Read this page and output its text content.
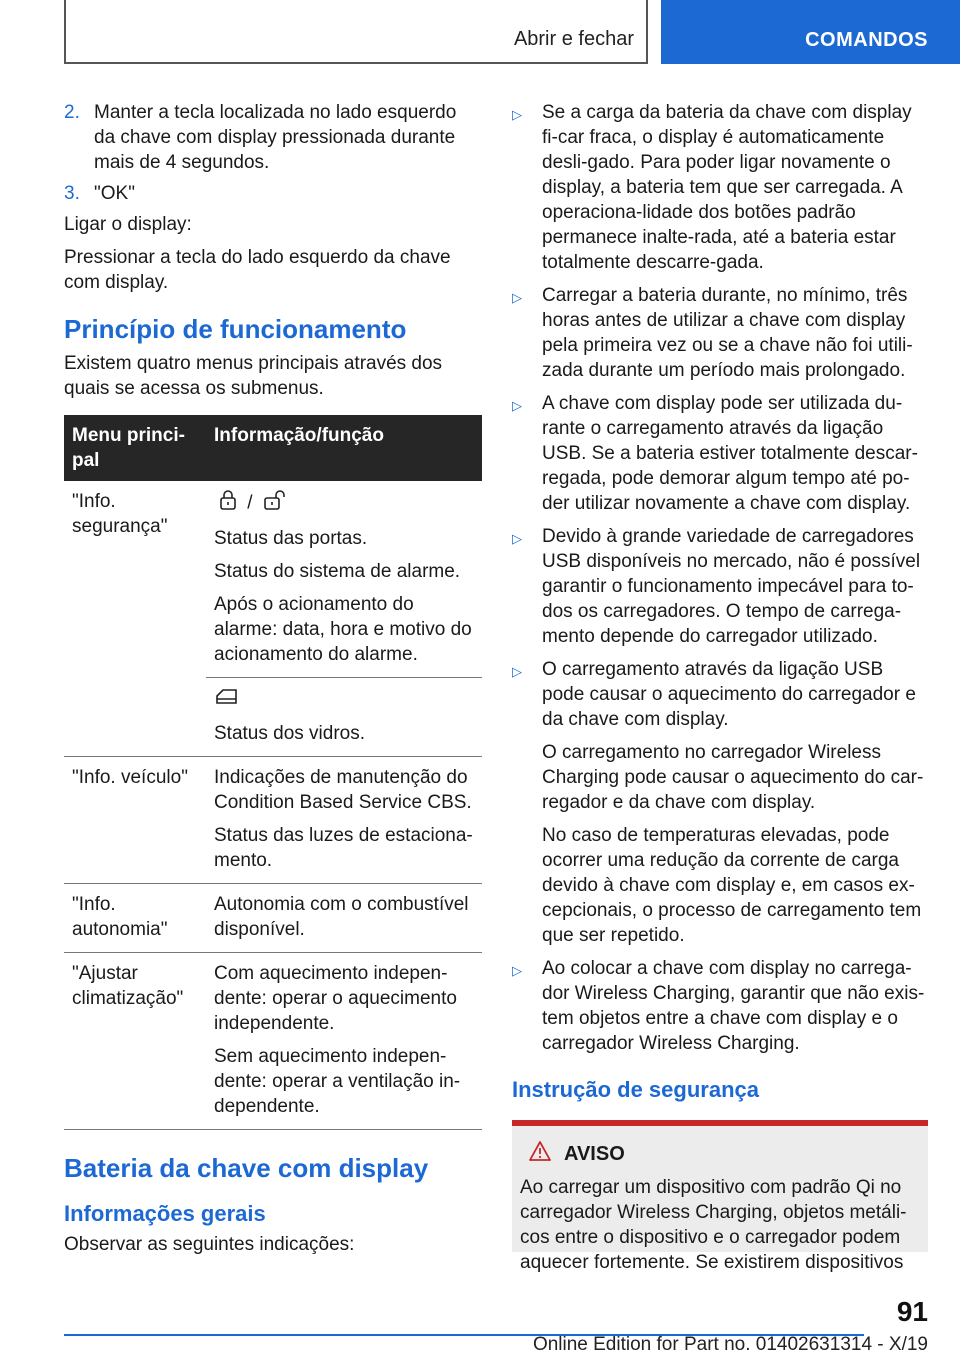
Abrir e fechar	COMANDOS
2. Manter a tecla localizada no lado esquerdo da chave com display pressionada durante mais de 4 segundos.
3. "OK"

Ligar o display:

Pressionar a tecla do lado esquerdo da chave com display.

Princípio de funcionamento

Existem quatro menus principais através dos quais se acessa os submenus.

Menu princi-pal	Informação/função
"Info. segurança"	/

Status das portas.

Status do sistema de alarme.

Após o acionamento do alarme: data, hora e motivo do acionamento do alarme.

	Status dos vidros.

"Info. veículo"	Indicações de manutenção do Condition Based Service CBS.

Status das luzes de estaciona-mento.

"Info. autonomia"	Autonomia com o combustível disponível.

"Ajustar climatização"	Com aquecimento indepen-dente: operar o aquecimento independente.

Sem aquecimento indepen-dente: operar a ventilação in-dependente.

Bateria da chave com display
Informações gerais

Observar as seguintes indicações:

▷	Se a carga da bateria da chave com display fi-car fraca, o display é automaticamente desli-gado. Para poder ligar novamente o display, a bateria tem que ser carregada. A operaciona-lidade dos botões padrão permanece inalte-rada, até a bateria estar totalmente descarre-gada.
▷	Carregar a bateria durante, no mínimo, três horas antes de utilizar a chave com display pela primeira vez ou se a chave não foi utili-zada durante um período mais prolongado.
▷	A chave com display pode ser utilizada du-rante o carregamento através da ligação USB. Se a bateria estiver totalmente descar-regada, pode demorar algum tempo até po-der utilizar novamente a chave com display.
▷	Devido à grande variedade de carregadores USB disponíveis no mercado, não é possível garantir o funcionamento impecável para to-dos os carregadores. O tempo de carrega-mento depende do carregador utilizado.
▷	O carregamento através da ligação USB pode causar o aquecimento do carregador e da chave com display.

O carregamento no carregador Wireless Charging pode causar o aquecimento do car-regador e da chave com display.

No caso de temperaturas elevadas, pode ocorrer uma redução da corrente de carga devido à chave com display e, em casos ex-cepcionais, o processo de carregamento tem que ser repetido.

▷	Ao colocar a chave com display no carrega-dor Wireless Charging, garantir que não exis-tem objetos entre a chave com display e o carregador Wireless Charging.
Instrução de segurança
AVISO
Ao carregar um dispositivo com padrão Qi no carregador Wireless Charging, objetos metáli-cos entre o dispositivo e o carregador podem aquecer fortemente. Se existirem dispositivos
91
Online Edition for Part no. 01402631314 - X/19
